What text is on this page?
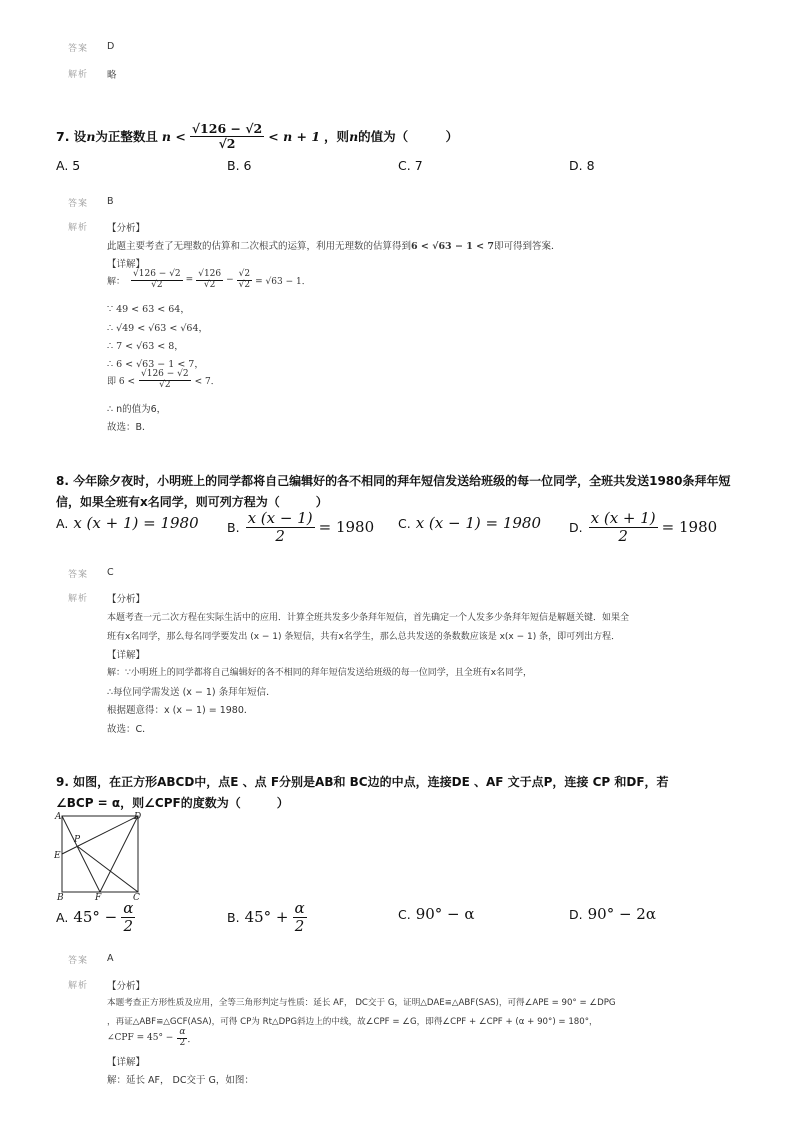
答案 D
解析 略
7. 设 n 为正整数且 $n < \frac{√126 - √2}{√2} < n + 1$ ，则 n 的值为（　　　）
A. 5	B. 6	C. 7	D. 8
答案 B
解析 【分析】
此题主要考查了无理数的估算和二次根式的运算，利用无理数的估算得到6 < √63 − 1 < 7即可得到答案．
【详解】
解： $\frac{√126 - √2}{√2} = \frac{√126}{√2} - \frac{√2}{√2} = √63 - 1$．
∵ 49 < 63 < 64，
∴ √49 < √63 < √64，
∴ 7 < √63 < 8，
∴ 6 < √63 − 1 < 7，
即 $6 < \frac{√126 - √2}{√2} < 7$．
∴ n的值为6，
故选：B．
8. 今年除夕夜时，小明班上的同学都将自己编辑好的各不相同的拜年短信发送给班级的每一位同学，全班共发送1980条拜年短
信，如果全班有x名同学，则可列方程为（　　　）
A. x (x + 1) = 1980 B. $\frac{x (x - 1)}{2} = 1980$ C. x (x − 1) = 1980 D. $\frac{x (x + 1)}{2} = 1980$
答案 C
解析 【分析】
本题考查一元二次方程在实际生活中的应用．计算全班共发多少条拜年短信，首先确定一个人发多少条拜年短信是解题关键．如果全
班有x名同学，那么每名同学要发出 (x − 1) 条短信，共有x名学生，那么总共发送的条数数应该是 x(x − 1) 条，即可列出方程．
【详解】
解：∵小明班上的同学都将自己编辑好的各不相同的拜年短信发送给班级的每一位同学，且全班有x名同学，
∴每位同学需发送 (x − 1) 条拜年短信．
根据题意得：x (x − 1) = 1980．
故选：C．
9. 如图，在正方形ABCD中，点E 、点 F分别是AB和 BC边的中点，连接DE 、AF 文于点P，连接 CP 和DF，若
∠BCP = α，则∠CPF的度数为（　　　）
A	D
P
E
B	F	C
A. $45^\circ - \frac{\alpha}{2}$	B. $45^\circ + \frac{\alpha}{2}$	C. 90° − α	D. 90° − 2α
答案 A
解析 【分析】
本题考查正方形性质及应用，全等三角形判定与性质：延长 AF， DC交于 G，证明△DAE≌△ABF(SAS)，可得∠APE = 90° = ∠DPG
，再证△ABF≌△GCF(ASA)，可得 CP为 Rt△DPG斜边上的中线，故∠CPF = ∠G，即得∠CPF + ∠CPF + (α + 90°) = 180°，
∠CPF = $45^\circ - \frac{\alpha}{2}$ ．
【详解】
解：延长 AF， DC交于 G，如图：
